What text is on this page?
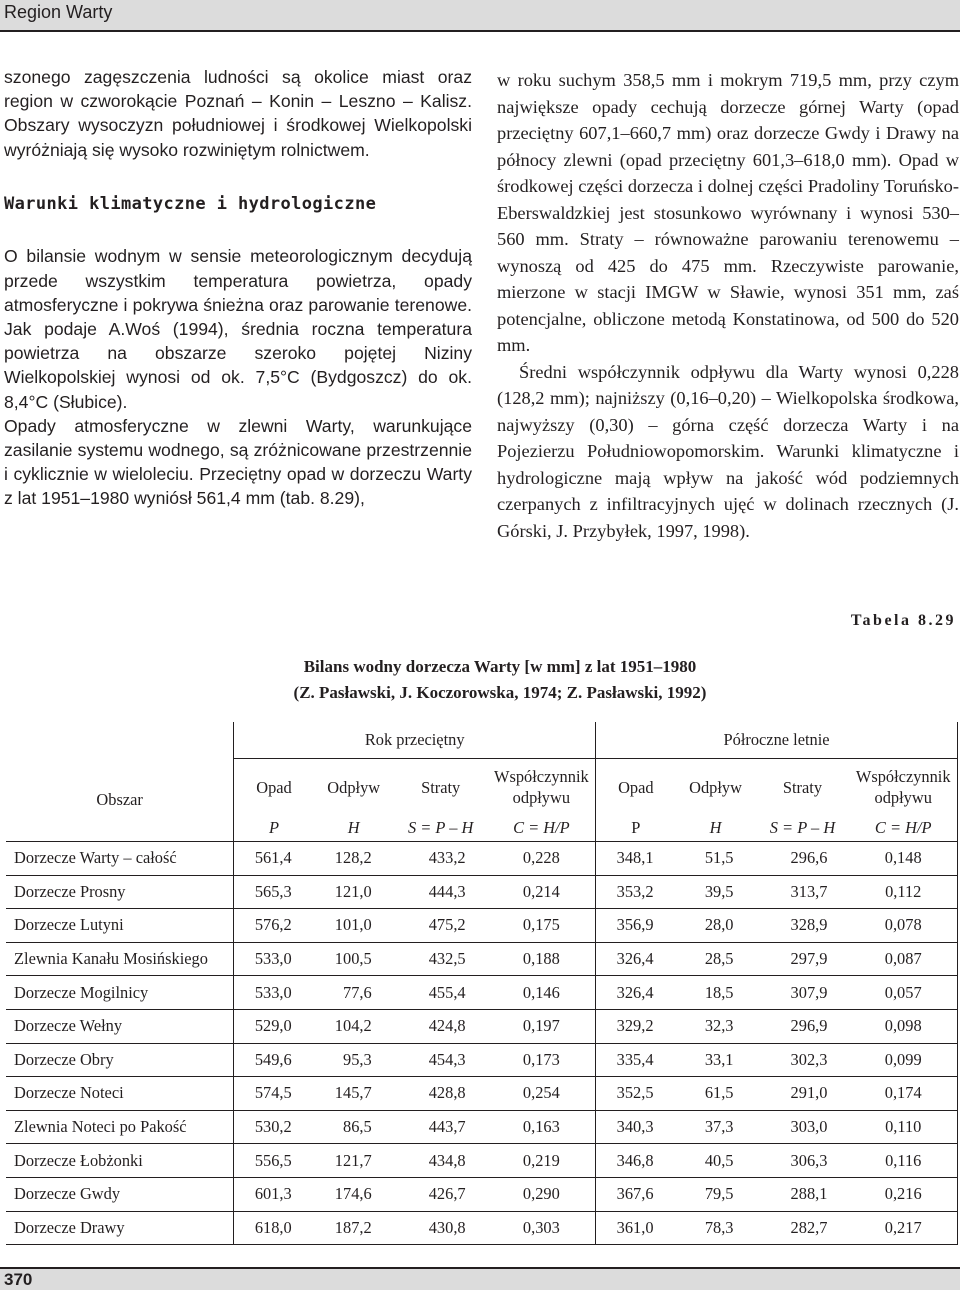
Region Warty

szonego zagęszczenia ludności są okolice miast oraz region w czworokącie Poznań – Konin – Leszno – Kalisz. Obszary wysoczyzn południowej i środkowej Wielkopolski wyróżniają się wysoko rozwiniętym rolnictwem.

Warunki klimatyczne i hydrologiczne

O bilansie wodnym w sensie meteorologicznym decydują przede wszystkim temperatura powietrza, opady atmosferyczne i pokrywa śnieżna oraz parowanie terenowe. Jak podaje A.Woś (1994), średnia roczna temperatura powietrza na obszarze szeroko pojętej Niziny Wielkopolskiej wynosi od ok. 7,5°C (Bydgoszcz) do ok. 8,4°C (Słubice).

Opady atmosferyczne w zlewni Warty, warunkujące zasilanie systemu wodnego, są zróżnicowane przestrzennie i cyklicznie w wieloleciu. Przeciętny opad w dorzeczu Warty z lat 1951–1980 wyniósł 561,4 mm (tab. 8.29),

w roku suchym 358,5 mm i mokrym 719,5 mm, przy czym największe opady cechują dorzecze górnej Warty (opad przeciętny 607,1–660,7 mm) oraz dorzecze Gwdy i Drawy na północy zlewni (opad przeciętny 601,3–618,0 mm). Opad w środkowej części dorzecza i dolnej części Pradoliny Toruńsko-Eberswaldzkiej jest stosunkowo wyrównany i wynosi 530–560 mm. Straty – równoważne parowaniu terenowemu – wynoszą od 425 do 475 mm. Rzeczywiste parowanie, mierzone w stacji IMGW w Sławie, wynosi 351 mm, zaś potencjalne, obliczone metodą Konstatinowa, od 500 do 520 mm.

Średni współczynnik odpływu dla Warty wynosi 0,228 (128,2 mm); najniższy (0,16–0,20) – Wielkopolska środkowa, najwyższy (0,30) – górna część dorzecza Warty i na Pojezierzu Południowopomorskim. Warunki klimatyczne i hydrologiczne mają wpływ na jakość wód podziemnych czerpanych z infiltracyjnych ujęć w dolinach rzecznych (J. Górski, J. Przybyłek, 1997, 1998).

Tabela 8.29
Bilans wodny dorzecza Warty [w mm] z lat 1951–1980
(Z. Pasławski, J. Koczorowska, 1974; Z. Pasławski, 1992)
	Rok przeciętny				Półroczne letnie			
Obszar	Opad	Odpływ	Straty	Współczynnik odpływu	Opad	Odpływ	Straty	Współczynnik odpływu
	P	H	S = P – H	C = H/P	P	H	S = P – H	C = H/P
Dorzecze Warty – całość	561,4	128,2	433,2	0,228	348,1	51,5	296,6	0,148
Dorzecze Prosny	565,3	121,0	444,3	0,214	353,2	39,5	313,7	0,112
Dorzecze Lutyni	576,2	101,0	475,2	0,175	356,9	28,0	328,9	0,078
Zlewnia Kanału Mosińskiego	533,0	100,5	432,5	0,188	326,4	28,5	297,9	0,087
Dorzecze Mogilnicy	533,0	77,6	455,4	0,146	326,4	18,5	307,9	0,057
Dorzecze Wełny	529,0	104,2	424,8	0,197	329,2	32,3	296,9	0,098
Dorzecze Obry	549,6	95,3	454,3	0,173	335,4	33,1	302,3	0,099
Dorzecze Noteci	574,5	145,7	428,8	0,254	352,5	61,5	291,0	0,174
Zlewnia Noteci po Pakość	530,2	86,5	443,7	0,163	340,3	37,3	303,0	0,110
Dorzecze Łobżonki	556,5	121,7	434,8	0,219	346,8	40,5	306,3	0,116
Dorzecze Gwdy	601,3	174,6	426,7	0,290	367,6	79,5	288,1	0,216
Dorzecze Drawy	618,0	187,2	430,8	0,303	361,0	78,3	282,7	0,217
370
